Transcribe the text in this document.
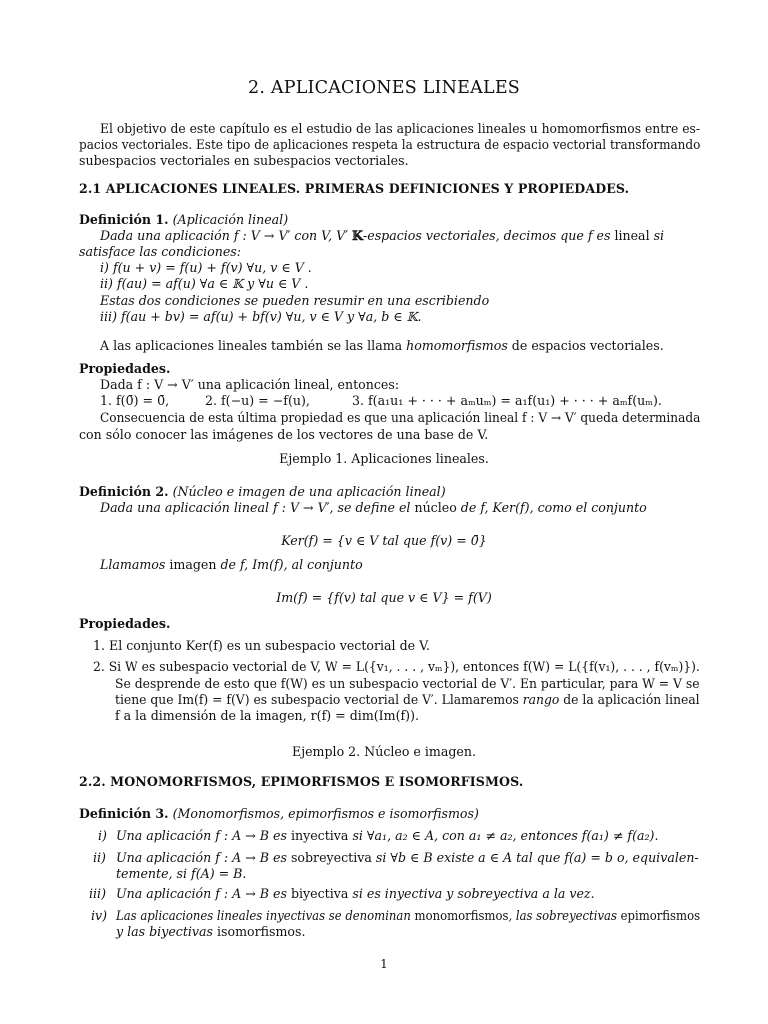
2. APLICACIONES LINEALES
El objetivo de este capítulo es el estudio de las aplicaciones lineales u homomorfismos entre es-
pacios vectoriales. Este tipo de aplicaciones respeta la estructura de espacio vectorial transformando
subespacios vectoriales en subespacios vectoriales.
2.1 APLICACIONES LINEALES. PRIMERAS DEFINICIONES Y PROPIEDADES.
Definición 1. (Aplicación lineal)
Dada una aplicación f : V → V′ con V, V′ 𝕂-espacios vectoriales, decimos que f es lineal si
satisface las condiciones:
i) f(u + v) = f(u) + f(v) ∀u, v ∈ V .
ii) f(au) = af(u) ∀a ∈ 𝕂 y ∀u ∈ V .
Estas dos condiciones se pueden resumir en una escribiendo
iii) f(au + bv) = af(u) + bf(v) ∀u, v ∈ V y ∀a, b ∈ 𝕂.
A las aplicaciones lineales también se las llama homomorfismos de espacios vectoriales.
Propiedades.
Dada f : V → V′ una aplicación lineal, entonces:
1. f(0̄) = 0̄,	2. f(−u) = −f(u),	3. f(a₁u₁ + · · · + aₘuₘ) = a₁f(u₁) + · · · + aₘf(uₘ).
Consecuencia de esta última propiedad es que una aplicación lineal f : V → V′ queda determinada
con sólo conocer las imágenes de los vectores de una base de V.
Ejemplo 1. Aplicaciones lineales.
Definición 2. (Núcleo e imagen de una aplicación lineal)
Dada una aplicación lineal f : V → V′, se define el núcleo de f, Ker(f), como el conjunto
Ker(f) = {v ∈ V tal que f(v) = 0̄}
Llamamos imagen de f, Im(f), al conjunto
Im(f) = {f(v) tal que v ∈ V} = f(V)
Propiedades.
1. El conjunto Ker(f) es un subespacio vectorial de V.
2. Si W es subespacio vectorial de V, W = L({v₁, . . . , vₘ}), entonces f(W) = L({f(v₁), . . . , f(vₘ)}).
Se desprende de esto que f(W) es un subespacio vectorial de V′. En particular, para W = V se
tiene que Im(f) = f(V) es subespacio vectorial de V′. Llamaremos rango de la aplicación lineal
f a la dimensión de la imagen, r(f) = dim(Im(f)).
Ejemplo 2. Núcleo e imagen.
2.2. MONOMORFISMOS, EPIMORFISMOS E ISOMORFISMOS.
Definición 3. (Monomorfismos, epimorfismos e isomorfismos)
i) Una aplicación f : A → B es inyectiva si ∀a₁, a₂ ∈ A, con a₁ ≠ a₂, entonces f(a₁) ≠ f(a₂).
ii) Una aplicación f : A → B es sobreyectiva si ∀b ∈ B existe a ∈ A tal que f(a) = b o, equivalen-
temente, si f(A) = B.
iii) Una aplicación f : A → B es biyectiva si es inyectiva y sobreyectiva a la vez.
iv) Las aplicaciones lineales inyectivas se denominan monomorfismos, las sobreyectivas epimorfismos
y las biyectivas isomorfismos.
1
